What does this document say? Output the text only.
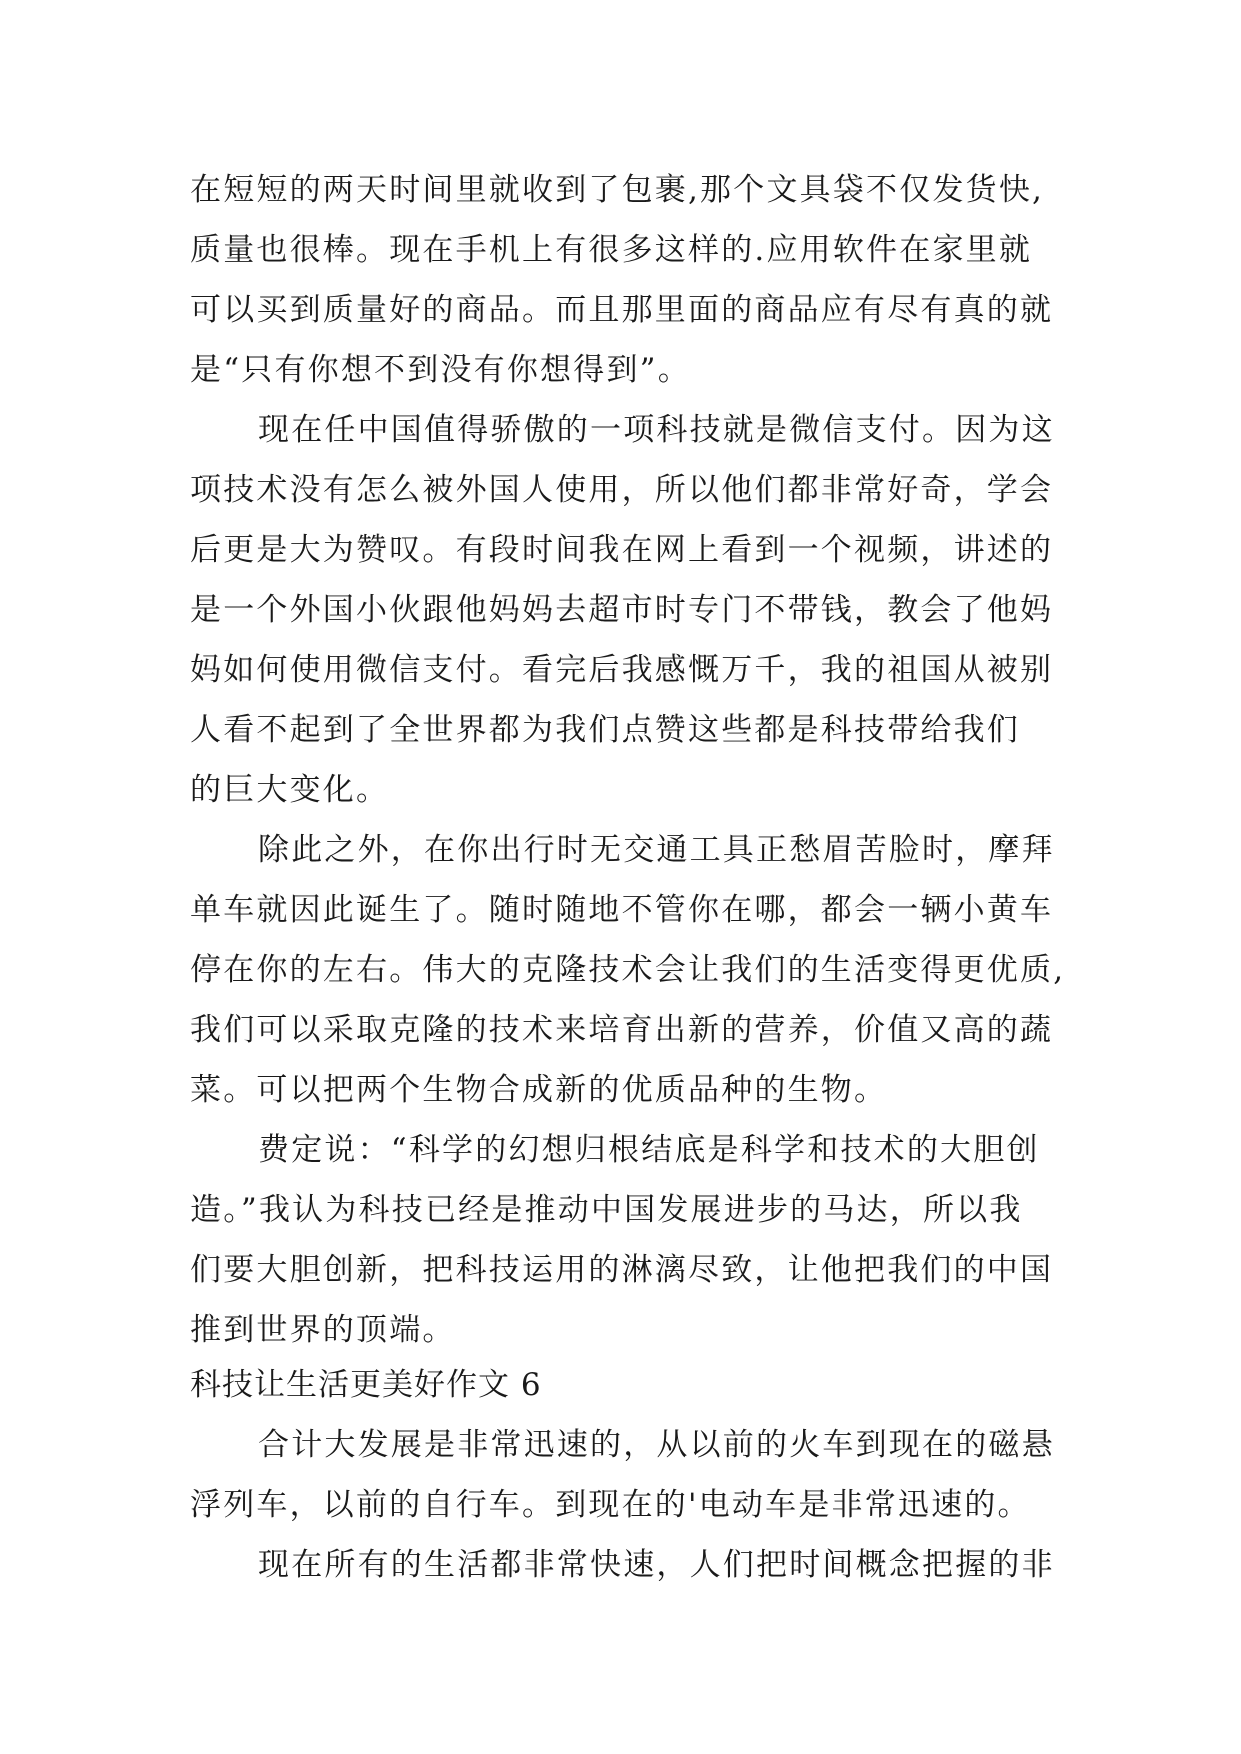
在短短的两天时间里就收到了包裹,那个文具袋不仅发货快,
质量也很棒。现在手机上有很多这样的.应用软件在家里就
可以买到质量好的商品。而且那里面的商品应有尽有真的就
是“只有你想不到没有你想得到”。
现在任中国值得骄傲的一项科技就是微信支付。因为这
项技术没有怎么被外国人使用，所以他们都非常好奇，学会
后更是大为赞叹。有段时间我在网上看到一个视频，讲述的
是一个外国小伙跟他妈妈去超市时专门不带钱，教会了他妈
妈如何使用微信支付。看完后我感慨万千，我的祖国从被别
人看不起到了全世界都为我们点赞这些都是科技带给我们
的巨大变化。
除此之外，在你出行时无交通工具正愁眉苦脸时，摩拜
单车就因此诞生了。随时随地不管你在哪，都会一辆小黄车
停在你的左右。伟大的克隆技术会让我们的生活变得更优质,
我们可以采取克隆的技术来培育出新的营养，价值又高的蔬
菜。可以把两个生物合成新的优质品种的生物。
费定说：“科学的幻想归根结底是科学和技术的大胆创
造。”我认为科技已经是推动中国发展进步的马达，所以我
们要大胆创新，把科技运用的淋漓尽致，让他把我们的中国
推到世界的顶端。
科技让生活更美好作文 6
合计大发展是非常迅速的，从以前的火车到现在的磁悬
浮列车，以前的自行车。到现在的'电动车是非常迅速的。
现在所有的生活都非常快速，人们把时间概念把握的非
